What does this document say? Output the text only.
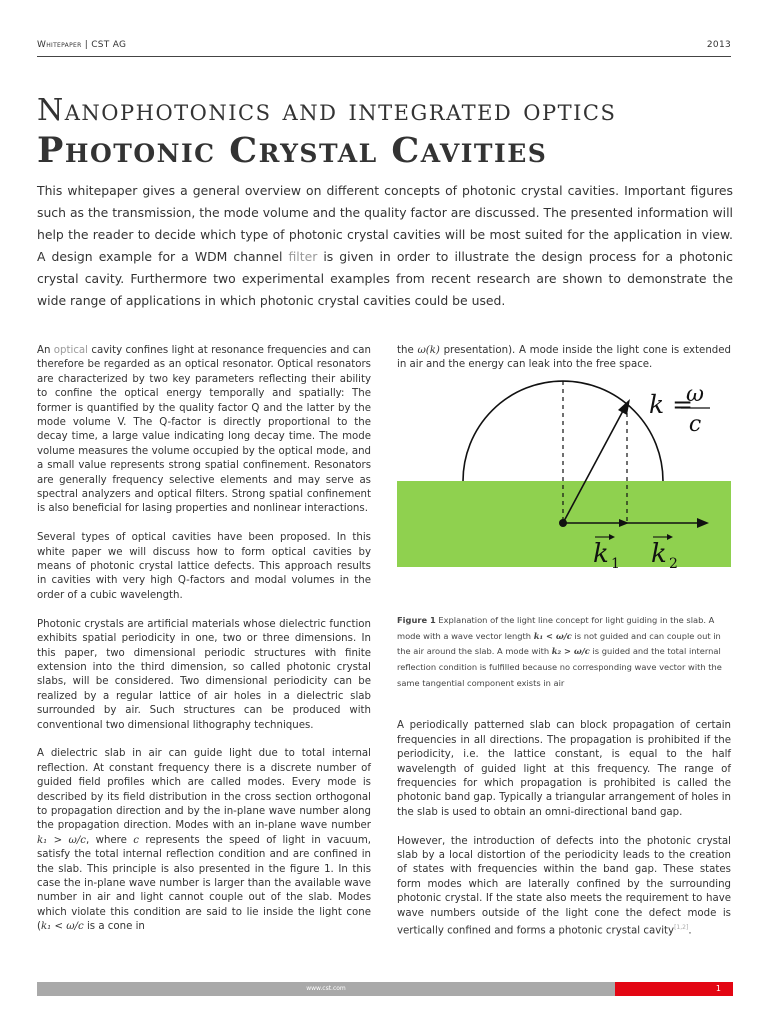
Whitepaper | CST AG	2013
Nanophotonics and integrated optics
Photonic Crystal Cavities
This whitepaper gives a general overview on different concepts of photonic crystal cavities. Important figures such as the transmission, the mode volume and the quality factor are discussed. The presented information will help the reader to decide which type of photonic crystal cavities will be most suited for the application in view. A design example for a WDM channel filter is given in order to illustrate the design process for a photonic crystal cavity. Furthermore two experimental examples from recent research are shown to demonstrate the wide range of applications in which photonic crystal cavities could be used.

An optical cavity confines light at resonance frequencies and can therefore be regarded as an optical resonator. Optical resonators are characterized by two key parameters reflecting their ability to confine the optical energy temporally and spatially: The former is quantified by the quality factor Q and the latter by the mode volume V. The Q-factor is directly proportional to the decay time, a large value indicating long decay time. The mode volume measures the volume occupied by the optical mode, and a small value represents strong spatial confinement. Resonators are generally frequency selective elements and may serve as spectral analyzers and optical filters. Strong spatial confinement is also beneficial for lasing properties and nonlinear interactions.

Several types of optical cavities have been proposed. In this white paper we will discuss how to form optical cavities by means of photonic crystal lattice defects. This approach results in cavities with very high Q-factors and modal volumes in the order of a cubic wavelength.

Photonic crystals are artificial materials whose dielectric function exhibits spatial periodicity in one, two or three dimensions. In this paper, two dimensional periodic structures with finite extension into the third dimension, so called photonic crystal slabs, will be considered. Two dimensional periodicity can be realized by a regular lattice of air holes in a dielectric slab surrounded by air. Such structures can be produced with conventional two dimensional lithography techniques.

A dielectric slab in air can guide light due to total internal reflection. At constant frequency there is a discrete number of guided field profiles which are called modes. Every mode is described by its field distribution in the cross section orthogonal to propagation direction and by the in-plane wave number along the propagation direction. Modes with an in-plane wave number k₁ > ω/c, where c represents the speed of light in vacuum, satisfy the total internal reflection condition and are confined in the slab. This principle is also presented in the figure 1. In this case the in-plane wave number is larger than the available wave number in air and light cannot couple out of the slab. Modes which violate this condition are said to lie inside the light cone (k₁ < ω/c is a cone in

the ω(k) presentation). A mode inside the light cone is extended in air and the energy can leak into the free space.

k =
ω
c
k 1 k 2
Figure 1 Explanation of the light line concept for light guiding in the slab. A mode with a wave vector length k₁ < ω/c is not guided and can couple out in the air around the slab. A mode with k₂ > ω/c is guided and the total internal reflection condition is fulfilled because no corresponding wave vector with the same tangential component exists in air

A periodically patterned slab can block propagation of certain frequencies in all directions. The propagation is prohibited if the periodicity, i.e. the lattice constant, is equal to the half wavelength of guided light at this frequency. The range of frequencies for which propagation is prohibited is called the photonic band gap. Typically a triangular arrangement of holes in the slab is used to obtain an omni-directional band gap.

However, the introduction of defects into the photonic crystal slab by a local distortion of the periodicity leads to the creation of states with frequencies within the band gap. These states form modes which are laterally confined by the surrounding photonic crystal. If the state also meets the requirement to have wave numbers outside of the light cone the defect mode is vertically confined and forms a photonic crystal cavity[1,2].

www.cst.com	1
